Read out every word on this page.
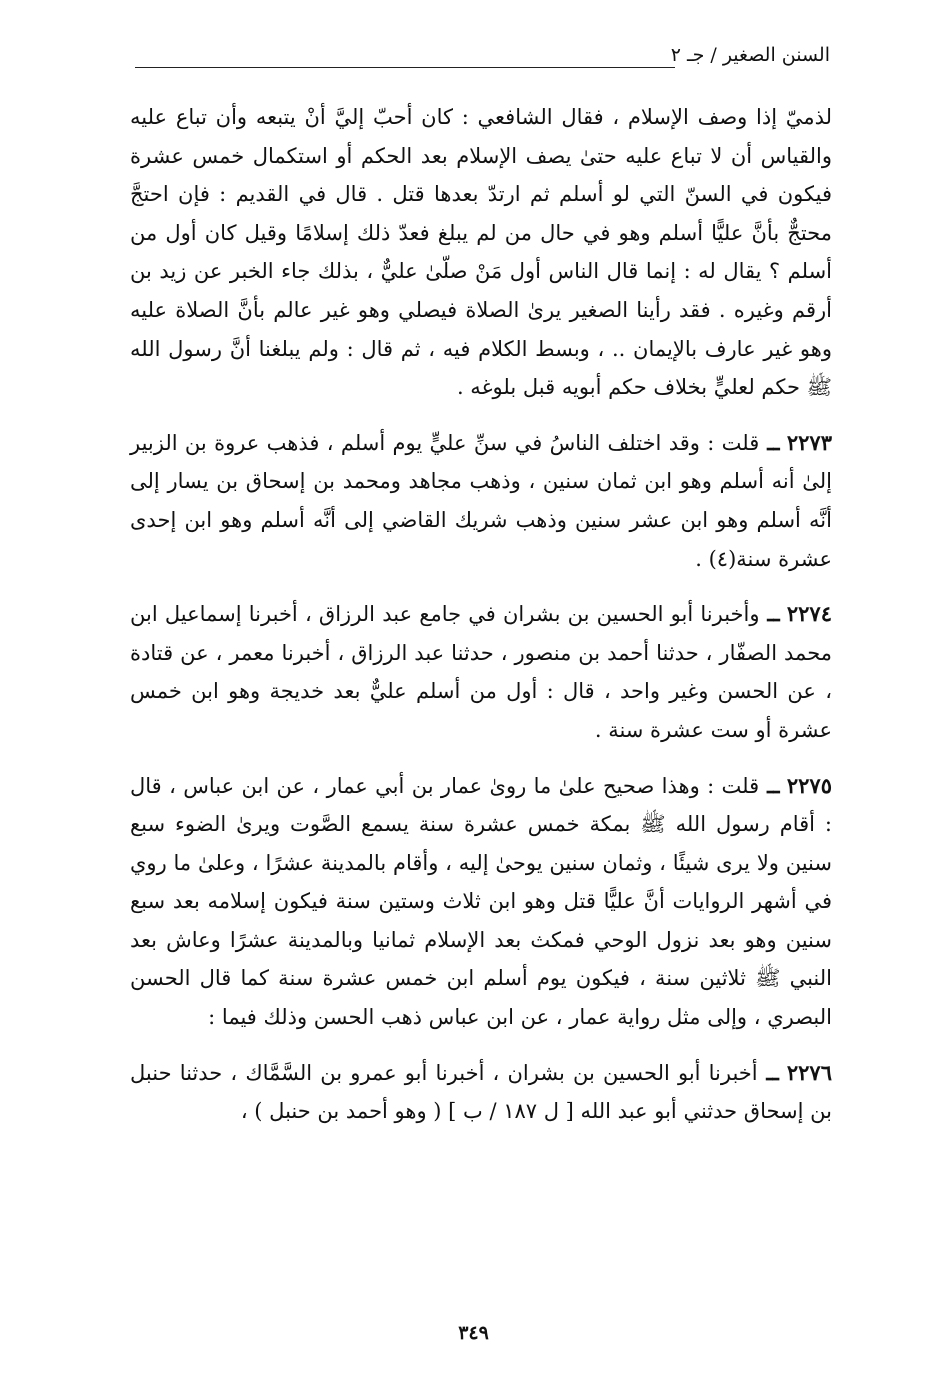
السنن الصغير / جـ ٢

لذميّ إذا وصف الإسلام ، فقال الشافعي : كان أحبّ إليَّ أنْ يتبعه وأن تباع عليه والقياس أن لا تباع عليه حتىٰ يصف الإسلام بعد الحكم أو استكمال خمس عشرة فيكون في السنّ التي لو أسلم ثم ارتدّ بعدها قتل . قال في القديم : فإن احتجَّ محتجٌّ بأنَّ عليًّا أسلم وهو في حال من لم يبلغ فعدّ ذلك إسلامًا وقيل كان أول من أسلم ؟ يقال له : إنما قال الناس أول مَنْ صلّىٰ عليٌّ ، بذلك جاء الخبر عن زيد بن أرقم وغيره . فقد رأينا الصغير يرىٰ الصلاة فيصلي وهو غير عالم بأنَّ الصلاة عليه وهو غير عارف بالإيمان .. ، وبسط الكلام فيه ، ثم قال : ولم يبلغنا أنَّ رسول الله ﷺ حكم لعليٍّ بخلاف حكم أبويه قبل بلوغه .

٢٢٧٣ ــ قلت : وقد اختلف الناسُ في سنِّ عليٍّ يوم أسلم ، فذهب عروة بن الزبير إلىٰ أنه أسلم وهو ابن ثمان سنين ، وذهب مجاهد ومحمد بن إسحاق بن يسار إلى أنَّه أسلم وهو ابن عشر سنين وذهب شريك القاضي إلى أنَّه أسلم وهو ابن إحدى عشرة سنة(٤) .

٢٢٧٤ ــ وأخبرنا أبو الحسين بن بشران في جامع عبد الرزاق ، أخبرنا إسماعيل ابن محمد الصفّار ، حدثنا أحمد بن منصور ، حدثنا عبد الرزاق ، أخبرنا معمر ، عن قتادة ، عن الحسن وغير واحد ، قال : أول من أسلم عليٌّ بعد خديجة وهو ابن خمس عشرة أو ست عشرة سنة .

٢٢٧٥ ــ قلت : وهذا صحيح علىٰ ما روىٰ عمار بن أبي عمار ، عن ابن عباس ، قال : أقام رسول الله ﷺ بمكة خمس عشرة سنة يسمع الصَّوت ويرىٰ الضوء سبع سنين ولا يرى شيئًا ، وثمان سنين يوحىٰ إليه ، وأقام بالمدينة عشرًا ، وعلىٰ ما روي في أشهر الروايات أنَّ عليًّا قتل وهو ابن ثلاث وستين سنة فيكون إسلامه بعد سبع سنين وهو بعد نزول الوحي فمكث بعد الإسلام ثمانيا وبالمدينة عشرًا وعاش بعد النبي ﷺ ثلاثين سنة ، فيكون يوم أسلم ابن خمس عشرة سنة كما قال الحسن البصري ، وإلى مثل رواية عمار ، عن ابن عباس ذهب الحسن وذلك فيما :

٢٢٧٦ ــ أخبرنا أبو الحسين بن بشران ، أخبرنا أبو عمرو بن السَّمَّاك ، حدثنا حنبل بن إسحاق حدثني أبو عبد الله [ ل ١٨٧ / ب ] ( وهو أحمد بن حنبل ) ،

٣٤٩
